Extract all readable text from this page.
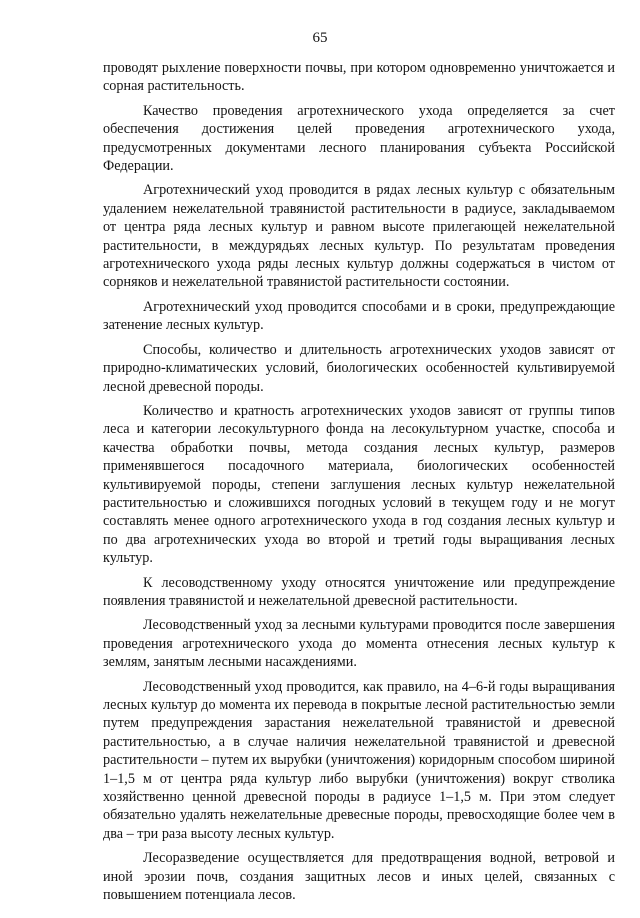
65

проводят рыхление поверхности почвы, при котором одновременно уничтожается и сорная растительность.

Качество проведения агротехнического ухода определяется за счет обеспечения достижения целей проведения агротехнического ухода, предусмотренных документами лесного планирования субъекта Российской Федерации.

Агротехнический уход проводится в рядах лесных культур с обязательным удалением нежелательной травянистой растительности в радиусе, закладываемом от центра ряда лесных культур и равном высоте прилегающей нежелательной растительности, в междурядьях лесных культур. По результатам проведения агротехнического ухода ряды лесных культур должны содержаться в чистом от сорняков и нежелательной травянистой растительности состоянии.

Агротехнический уход проводится способами и в сроки, предупреждающие затенение лесных культур.

Способы, количество и длительность агротехнических уходов зависят от природно-климатических условий, биологических особенностей культивируемой лесной древесной породы.

Количество и кратность агротехнических уходов зависят от группы типов леса и категории лесокультурного фонда на лесокультурном участке, способа и качества обработки почвы, метода создания лесных культур, размеров применявшегося посадочного материала, биологических особенностей культивируемой породы, степени заглушения лесных культур нежелательной растительностью и сложившихся погодных условий в текущем году и не могут составлять менее одного агротехнического ухода в год создания лесных культур и по два агротехнических ухода во второй и третий годы выращивания лесных культур.

К лесоводственному уходу относятся уничтожение или предупреждение появления травянистой и нежелательной древесной растительности.

Лесоводственный уход за лесными культурами проводится после завершения проведения агротехнического ухода до момента отнесения лесных культур к землям, занятым лесными насаждениями.

Лесоводственный уход проводится, как правило, на 4–6-й годы выращивания лесных культур до момента их перевода в покрытые лесной растительностью земли путем предупреждения зарастания нежелательной травянистой и древесной растительностью, а в случае наличия нежелательной травянистой и древесной растительности – путем их вырубки (уничтожения) коридорным способом шириной 1–1,5 м от центра ряда культур либо вырубки (уничтожения) вокруг стволика хозяйственно ценной древесной породы в радиусе 1–1,5 м. При этом следует обязательно удалять нежелательные древесные породы, превосходящие более чем в два – три раза высоту лесных культур.

Лесоразведение осуществляется для предотвращения водной, ветровой и иной эрозии почв, создания защитных лесов и иных целей, связанных с повышением потенциала лесов.
